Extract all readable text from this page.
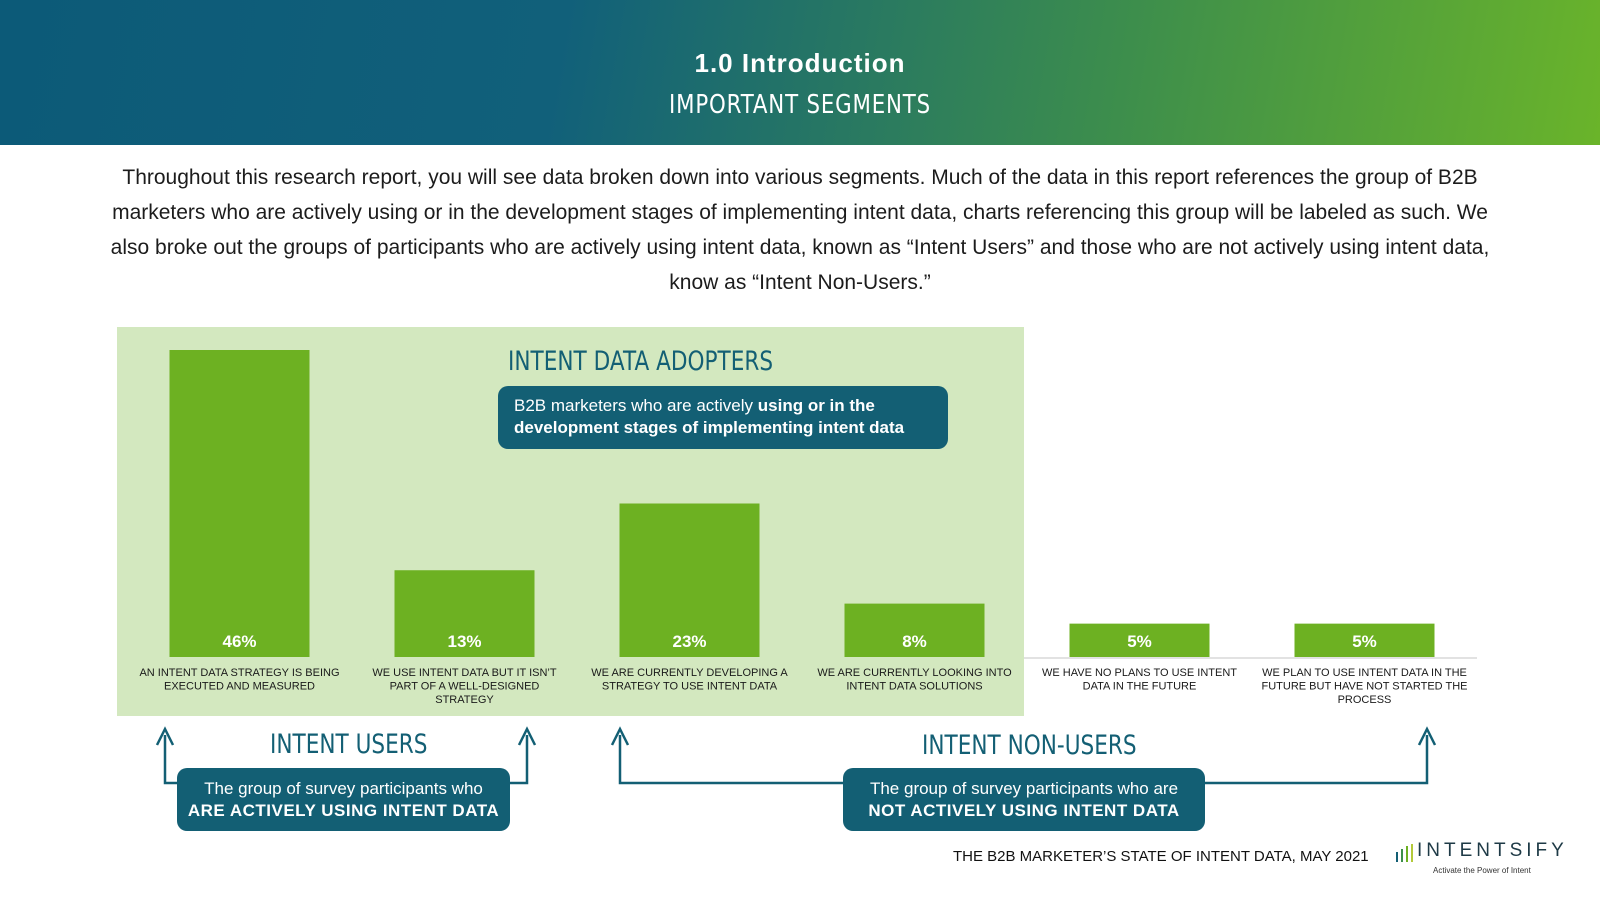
1.0 Introduction
IMPORTANT SEGMENTS
Throughout this research report, you will see data broken down into various segments. Much of the data in this report references the group of B2B marketers who are actively using or in the development stages of implementing intent data, charts referencing this group will be labeled as such. We also broke out the groups of participants who are actively using intent data, known as “Intent Users” and those who are not actively using intent data, know as “Intent Non-Users.”
INTENT DATA ADOPTERS
B2B marketers who are actively using or in the development stages of implementing intent data
46%	13%	23%	8%	5%	5%
AN INTENT DATA STRATEGY IS BEING EXECUTED AND MEASURED
WE USE INTENT DATA BUT IT ISN’T PART OF A WELL-DESIGNED STRATEGY
WE ARE CURRENTLY DEVELOPING A STRATEGY TO USE INTENT DATA
WE ARE CURRENTLY LOOKING INTO INTENT DATA SOLUTIONS
WE HAVE NO PLANS TO USE INTENT DATA IN THE FUTURE
WE PLAN TO USE INTENT DATA IN THE FUTURE BUT HAVE NOT STARTED THE PROCESS
INTENT USERS
The group of survey participants who
ARE ACTIVELY USING INTENT DATA
INTENT NON-USERS
The group of survey participants who are
NOT ACTIVELY USING INTENT DATA
THE B2B MARKETER’S STATE OF INTENT DATA, MAY 2021	INTENTSIFY
Activate the Power of Intent
